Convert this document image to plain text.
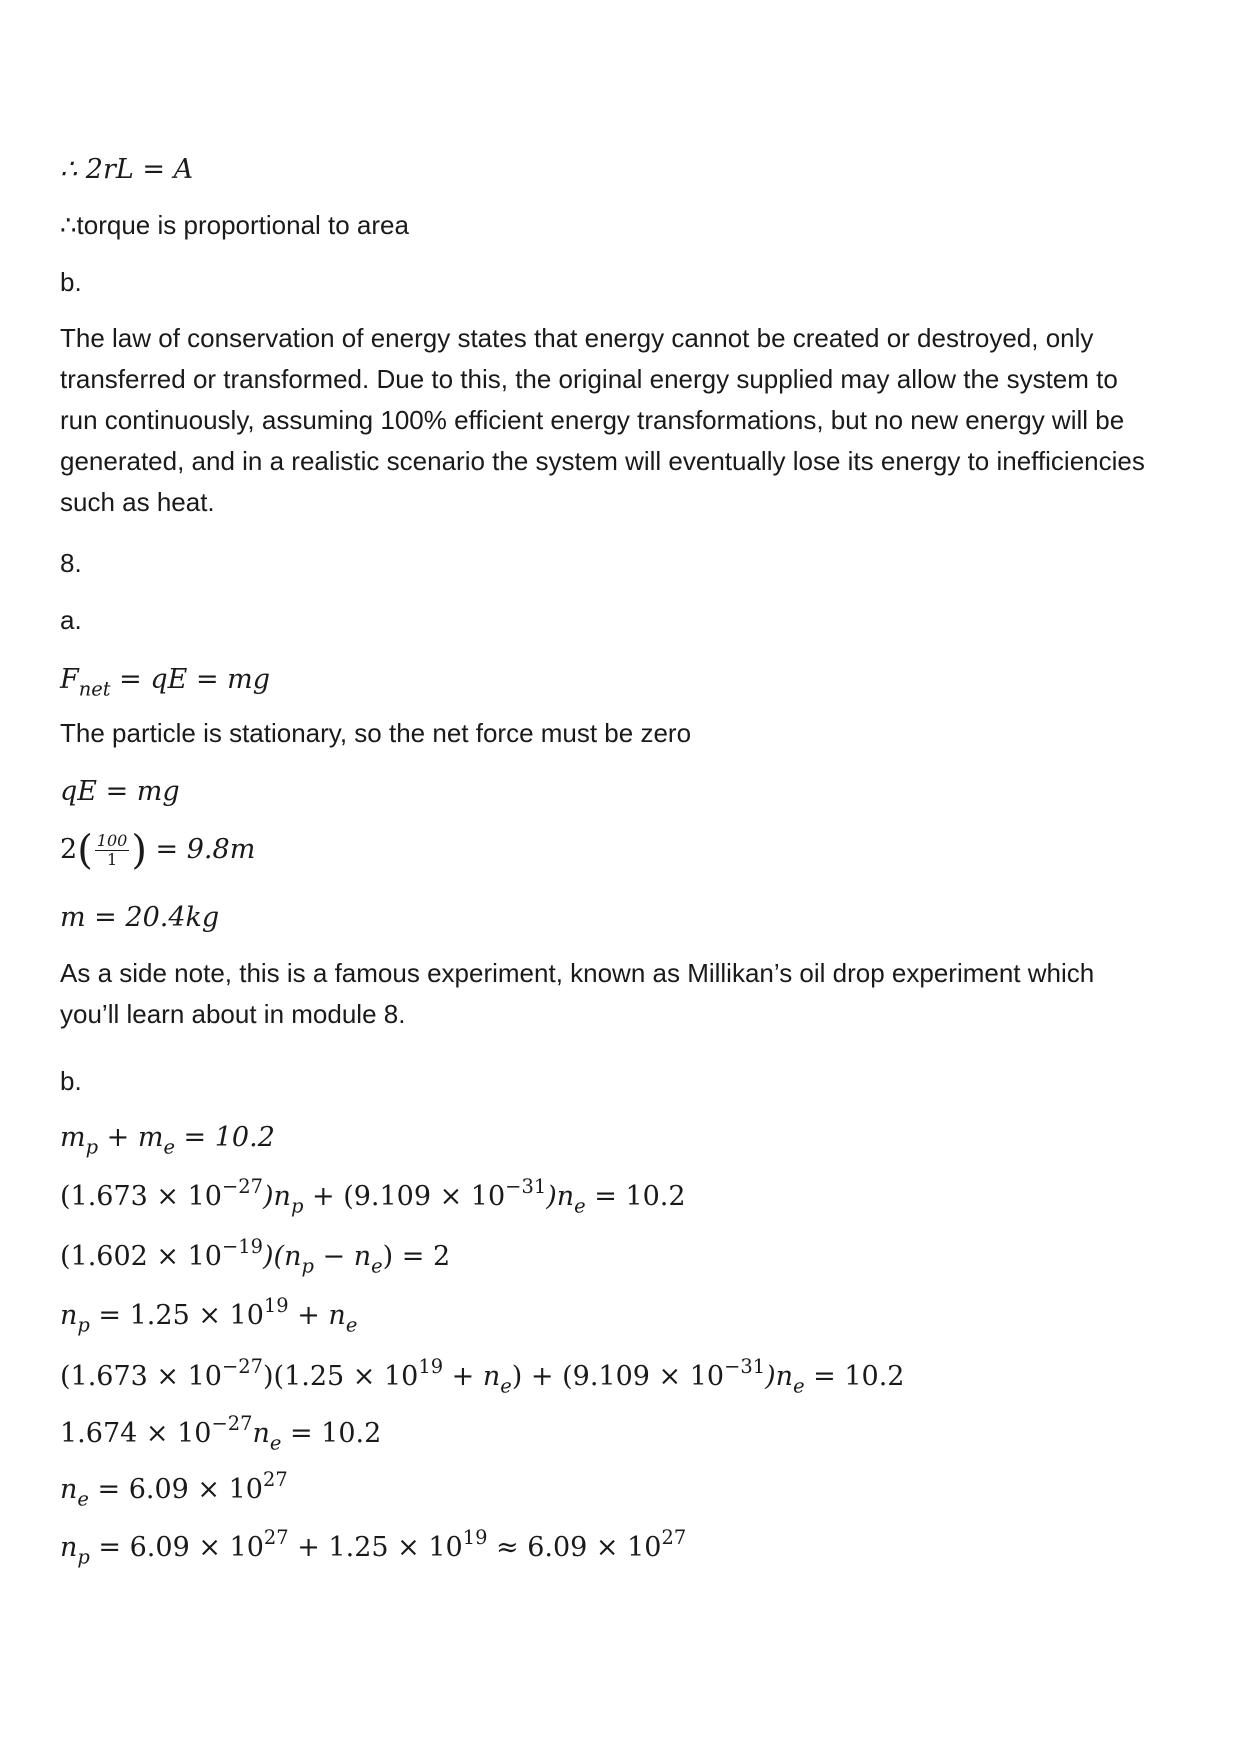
∴ 2rL = A
∴torque is proportional to area
b.
The law of conservation of energy states that energy cannot be created or destroyed, only transferred or transformed. Due to this, the original energy supplied may allow the system to run continuously, assuming 100% efficient energy transformations, but no new energy will be generated, and in a realistic scenario the system will eventually lose its energy to inefficiencies such as heat.
8.
a.
$F_{net}$ = qE = mg
The particle is stationary, so the net force must be zero
qE = mg
$2( \frac{100}{1}$ ) = 9.8m
m = 20.4kg
As a side note, this is a famous experiment, known as Millikan’s oil drop experiment which you’ll learn about in module 8.
b.
$m_p + m_e = 10.2$
$(1.673 \times 10^{-27})n_p + (9.109 \times 10^{-31})n_e = 10.2$
$(1.602 \times 10^{-19})(n_p - n_e) = 2$
$n_p = 1.25 \times 10^{19} + n_e$
$(1.673 \times 10^{-27})(1.25 \times 10^{19} + n_e) + (9.109 \times 10^{-31})n_e = 10.2$
$1.674 \times 10^{-27}n_e = 10.2$
$n_e = 6.09 \times 10^{27}$
$n_p = 6.09 \times 10^{27} + 1.25 \times 10^{19} \approx 6.09 \times 10^{27}$
